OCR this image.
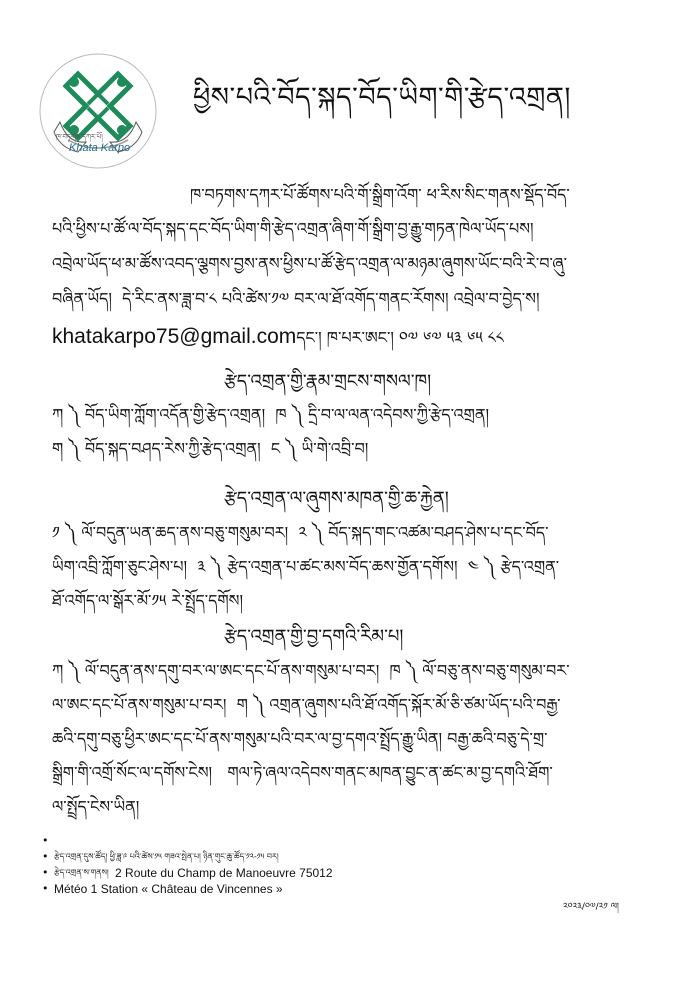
ཁ་བཏགས་དཀར་པོ།
Khata Karpo
ཕྱིས་པའི་བོད་སྐད་བོད་ཡིག་གི་རྩེད་འགྲན།
ཁ་བཏགས་དཀར་པོ་ཚོགས་པའི་གོ་སྒྲིག་འོག་ ཕ་རིས་སིང་གནས་སྡོད་བོད་
པའི་ཕྱིས་པ་ཚོ་ལ་བོད་སྐད་དང་བོད་ཡིག་གི་རྩེད་འགྲན་ཞིག་གོ་སྒྲིག་བྱ་རྒྱུ་གཏན་ཁེལ་ཡོད་པས།
འབྲེལ་ཡོད་ཕ་མ་ཚོས་འབད་ལྕགས་བྱས་ནས་ཕྱིས་པ་ཚོ་རྩེད་འགྲན་ལ་མཉམ་ཞུགས་ཡོང་བའི་རེ་བ་ཞུ་
བཞིན་ཡོད།  དེ་རིང་ནས་ཟླ་བ་༨ པའི་ཚེས་༡༧ བར་ལ་ཐོ་འགོད་གནང་རོགས། འབྲེལ་བ་བྱེད་ས།
khatakarpo75@gmail.comདང་། ཁ་པར་ཨང་། ༠༧ ༦༧ ༥༣ ༦༥ ༨༨
རྩེད་འགྲན་གྱི་རྣམ་གྲངས་གསལ་ཁ།
ཀ ༽ བོད་ཡིག་ཀློག་འདོན་གྱི་རྩེད་འགྲན།  ཁ ༽ དྲི་བ་ལ་ལན་འདེབས་ཀྱི་རྩེད་འགྲན།
ག ༽ བོད་སྐད་བཤད་རེས་ཀྱི་རྩེད་འགྲན།  ང ༽ ཡི་གེ་འབྲི་བ།
རྩེད་འགྲན་ལ་ཞུགས་མཁན་གྱི་ཆ་རྐྱེན།
༡ ༽ ལོ་བདུན་ཡན་ཆད་ནས་བཅུ་གསུམ་བར།  ༢ ༽ བོད་སྐད་གང་འཚམ་བཤད་ཤེས་པ་དང་བོད་
ཡིག་འབྲི་ཀློག་ཅུང་ཤེས་པ།  ༣ ༽ རྩེད་འགྲན་པ་ཚང་མས་བོད་ཆས་གྱོན་དགོས།  ༤ ༽ རྩེད་འགྲན་
ཐོ་འགོད་ལ་སྒོར་མོ་༡༥ རེ་སྤྲོད་དགོས།
རྩེད་འགྲན་གྱི་བྱ་དགའི་རིམ་པ།
ཀ ༽ ལོ་བདུན་ནས་དགུ་བར་ལ་ཨང་དང་པོ་ནས་གསུམ་པ་བར།  ཁ ༽ ལོ་བཅུ་ནས་བཅུ་གསུམ་བར་
ལ་ཨང་དང་པོ་ནས་གསུམ་པ་བར།  ག ༽ འགྲན་ཞུགས་པའི་ཐོ་འགོད་སྐོར་མོ་ཅི་ཙམ་ཡོད་པའི་བརྒྱ་
ཆའི་དགུ་བཅུ་ཕྱིར་ཨང་དང་པོ་ནས་གསུམ་པའི་བར་ལ་བྱ་དགའ་སྤྲོད་རྒྱུ་ཡིན། བརྒྱ་ཆའི་བཅུ་དེ་གྲ་
སྒྲིག་གི་འགྲོ་སོང་ལ་དགོས་ངེས།   གལ་ཏེ་ཞལ་འདེབས་གནང་མཁན་བྱུང་ན་ཚང་མ་བྱ་དགའི་ཐོག་
ལ་སྤྲོད་ངེས་ཡིན།
•
• རྩེད་འགྲན་དུས་ཚོད། ཕྱི་ཟླ་༩ པའི་ཚེས་༡༥ གཟའ་སྤེན་པ། ཉིན་གུང་ཆུ་ཚོད་༡༢-༡༥ བར།
• རྩེད་འགྲན་ས་གནས།
2 Route du Champ de Manoeuvre 75012
• Météo 1 Station « Château de Vincennes »
༢༠༢༣/༠༧/༢༡ ལ།
